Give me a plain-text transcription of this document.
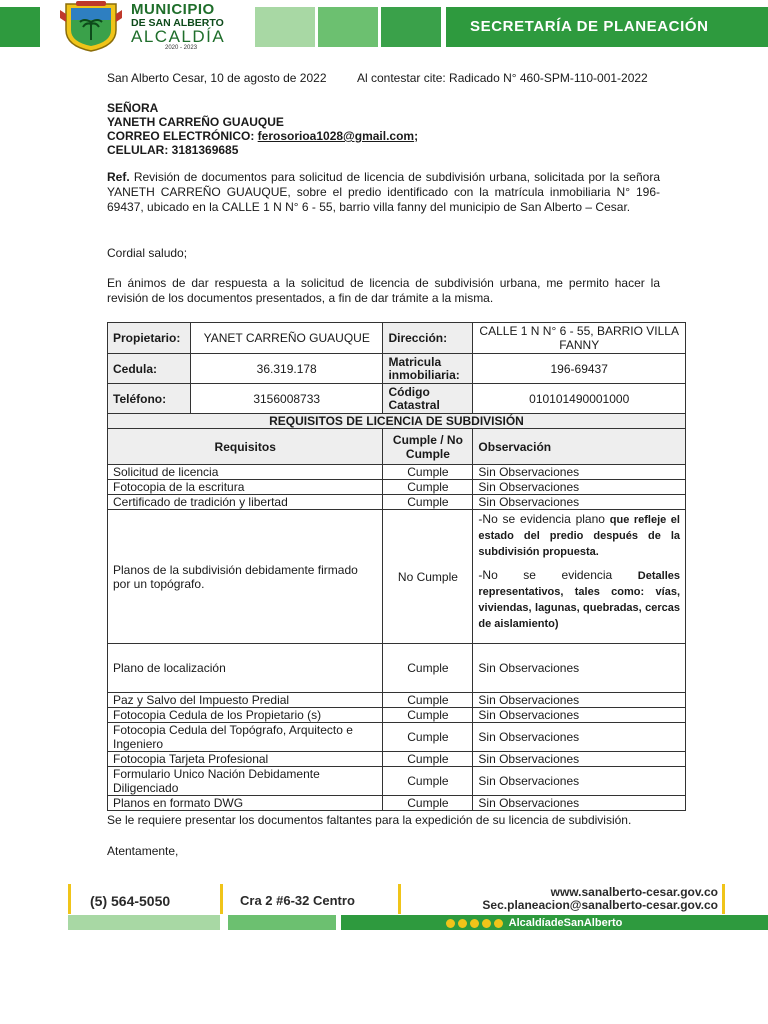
MUNICIPIO
DE SAN ALBERTO
ALCALDÍA
2020 - 2023
SECRETARÍA DE PLANEACIÓN
San Alberto Cesar, 10 de agosto de 2022	Al contestar cite: Radicado N° 460-SPM-110-001-2022
SEÑORA
YANETH CARREÑO GUAUQUE
CORREO ELECTRÓNICO: ferosorioa1028@gmail.com;
CELULAR: 3181369685
Ref. Revisión de documentos para solicitud de licencia de subdivisión urbana, solicitada por la señora YANETH CARREÑO GUAUQUE, sobre el predio identificado con la matrícula inmobiliaria N° 196-69437, ubicado en la CALLE 1 N N° 6 - 55, barrio villa fanny del municipio de San Alberto – Cesar.
Cordial saludo;
En ánimos de dar respuesta a la solicitud de licencia de subdivisión urbana, me permito hacer la revisión de los documentos presentados, a fin de dar trámite a la misma.
Propietario:	YANET CARREÑO GUAUQUE	Dirección:	CALLE 1 N N° 6 - 55, BARRIO VILLA FANNY
Cedula:	36.319.178	Matricula inmobiliaria:	196-69437
Teléfono:	3156008733	Código Catastral	010101490001000
REQUISITOS DE LICENCIA DE SUBDIVISIÓN			
Requisitos		Cumple / No Cumple	Observación
Solicitud de licencia		Cumple	Sin Observaciones
Fotocopia de la escritura		Cumple	Sin Observaciones
Certificado de tradición y libertad		Cumple	Sin Observaciones
Planos de la subdivisión debidamente firmado por un topógrafo.		No Cumple	-No se evidencia plano que refleje el estado del predio después de la subdivisión propuesta.
-No se evidencia Detalles representativos, tales como: vías, viviendas, lagunas, quebradas, cercas de aislamiento)

Plano de localización		Cumple	Sin Observaciones
Paz y Salvo del Impuesto Predial		Cumple	Sin Observaciones
Fotocopia Cedula de los Propietario (s)		Cumple	Sin Observaciones
Fotocopia Cedula del Topógrafo, Arquitecto e Ingeniero		Cumple	Sin Observaciones
Fotocopia Tarjeta Profesional		Cumple	Sin Observaciones
Formulario Unico Nación Debidamente Diligenciado		Cumple	Sin Observaciones
Planos en formato DWG		Cumple	Sin Observaciones
Se le requiere presentar los documentos faltantes para la expedición de su licencia de subdivisión.
Atentamente,
(5) 564-5050	Cra 2 #6-32 Centro
www.sanalberto-cesar.gov.co
Sec.planeacion@sanalberto-cesar.gov.co
AlcaldíadeSanAlberto
